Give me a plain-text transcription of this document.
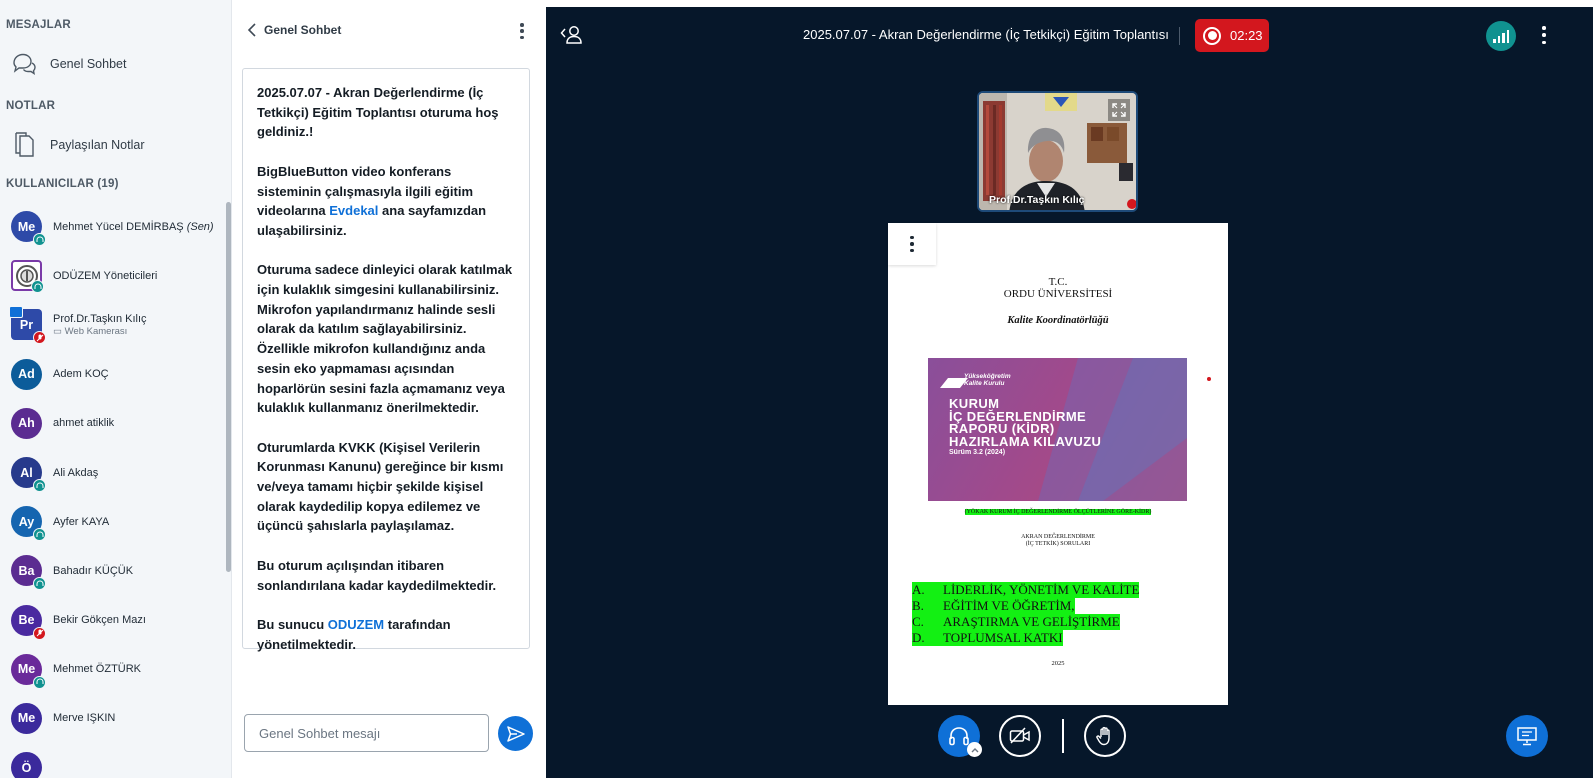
MESAJLAR
Genel Sohbet
NOTLAR
Paylaşılan Notlar
KULLANICILAR (19)
Me Mehmet Yücel DEMİRBAŞ (Sen)
ODÜZEM Yöneticileri
Pr Prof.Dr.Taşkın Kılıç
▭ Web Kamerası
Ad Adem KOÇ
Ah ahmet atiklik
Al Ali Akdaş
Ay Ayfer KAYA
Ba Bahadır KÜÇÜK
Be Bekir Gökçen Mazı
Me Mehmet ÖZTÜRK
Me Merve IŞKIN
Ö
Genel Sohbet

2025.07.07 - Akran Değerlendirme (İç Tetkikçi) Eğitim Toplantısı oturuma hoş geldiniz.!

BigBlueButton video konferans sisteminin çalışmasıyla ilgili eğitim videolarına Evdekal ana sayfamızdan ulaşabilirsiniz.

Oturuma sadece dinleyici olarak katılmak için kulaklık simgesini kullanabilirsiniz. Mikrofon yapılandırmanız halinde sesli olarak da katılım sağlayabilirsiniz. Özellikle mikrofon kullandığınız anda sesin eko yapmaması açısından hoparlörün sesini fazla açmamanız veya kulaklık kullanmanız önerilmektedir.

Oturumlarda KVKK (Kişisel Verilerin Korunması Kanunu) gereğince bir kısmı ve/veya tamamı hiçbir şekilde kişisel olarak kaydedilip kopya edilemez ve üçüncü şahıslarla paylaşılamaz.

Bu oturum açılışından itibaren sonlandırılana kadar kaydedilmektedir.

Bu sunucu ODUZEM tarafından yönetilmektedir.

Genel Sohbet mesajı
2025.07.07 - Akran Değerlendirme (İç Tetkikçi) Eğitim Toplantısı	02:23
Prof.Dr.Taşkın Kılıç
T.C.
ORDU ÜNİVERSİTESİ
Kalite Koordinatörlüğü
Yükseköğretim
Kalite Kurulu
KURUM
İÇ DEĞERLENDİRME
RAPORU (KİDR)
HAZIRLAMA KILAVUZU
Sürüm 3.2 (2024)
(YÖKAK KURUM İÇ DEĞERLENDİRME ÖLÇÜTLERİNE GÖRE-KİDR)
AKRAN DEĞERLENDİRME
(İÇ TETKİK) SORULARI
A.	LİDERLİK, YÖNETİM VE KALİTE
B.	EĞİTİM VE ÖĞRETİM,
C.	ARAŞTIRMA VE GELİŞTİRME
D.	TOPLUMSAL KATKI
2025
